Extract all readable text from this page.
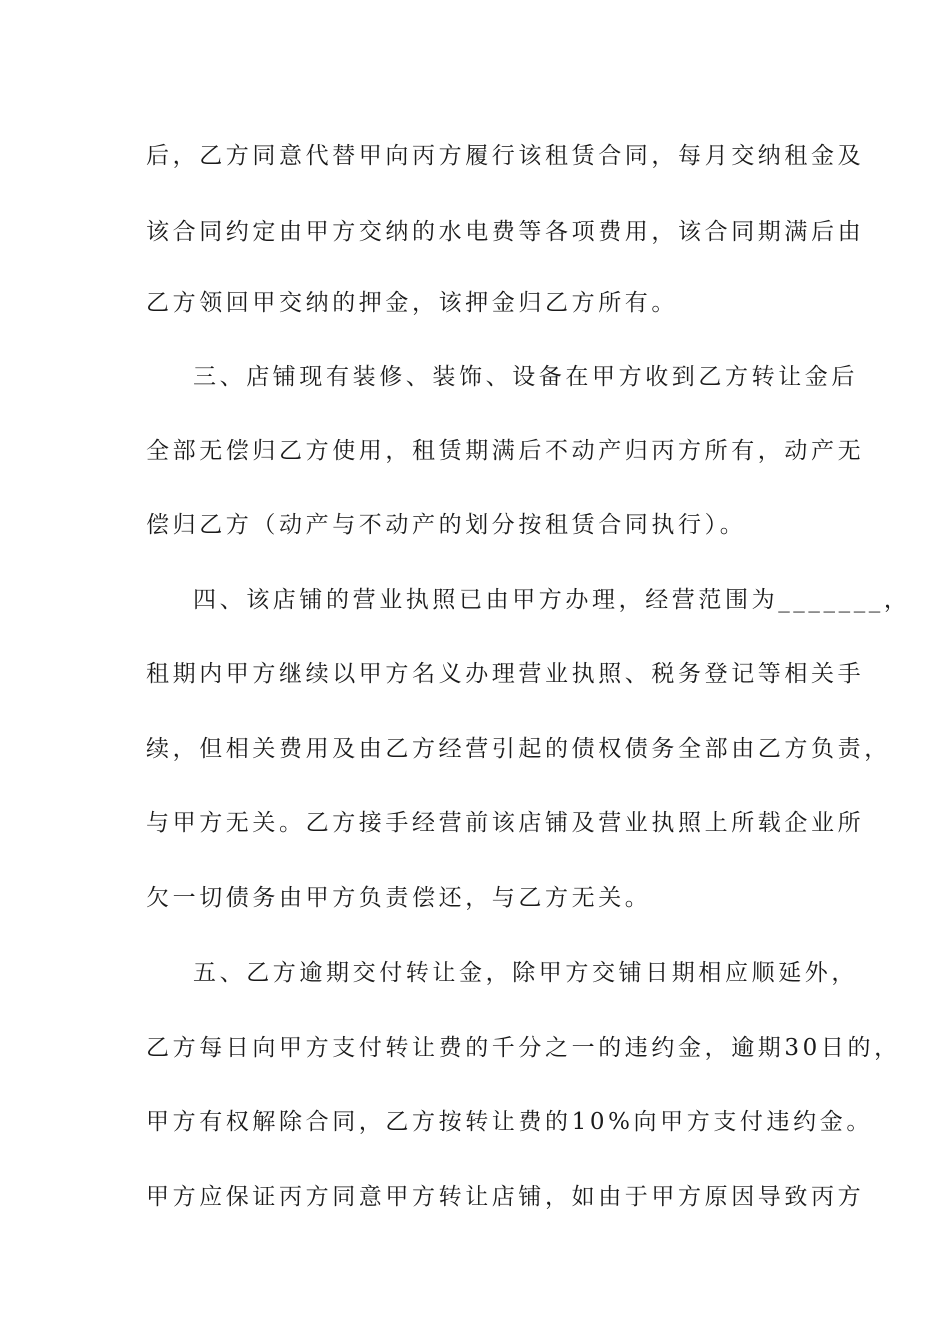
后，乙方同意代替甲向丙方履行该租赁合同，每月交纳租金及
该合同约定由甲方交纳的水电费等各项费用，该合同期满后由
乙方领回甲交纳的押金，该押金归乙方所有。
三、店铺现有装修、装饰、设备在甲方收到乙方转让金后
全部无偿归乙方使用，租赁期满后不动产归丙方所有，动产无
偿归乙方（动产与不动产的划分按租赁合同执行）。
四、该店铺的营业执照已由甲方办理，经营范围为_______，
租期内甲方继续以甲方名义办理营业执照、税务登记等相关手
续，但相关费用及由乙方经营引起的债权债务全部由乙方负责，
与甲方无关。乙方接手经营前该店铺及营业执照上所载企业所
欠一切债务由甲方负责偿还，与乙方无关。
五、乙方逾期交付转让金，除甲方交铺日期相应顺延外，
乙方每日向甲方支付转让费的千分之一的违约金，逾期30日的，
甲方有权解除合同，乙方按转让费的10%向甲方支付违约金。
甲方应保证丙方同意甲方转让店铺，如由于甲方原因导致丙方
